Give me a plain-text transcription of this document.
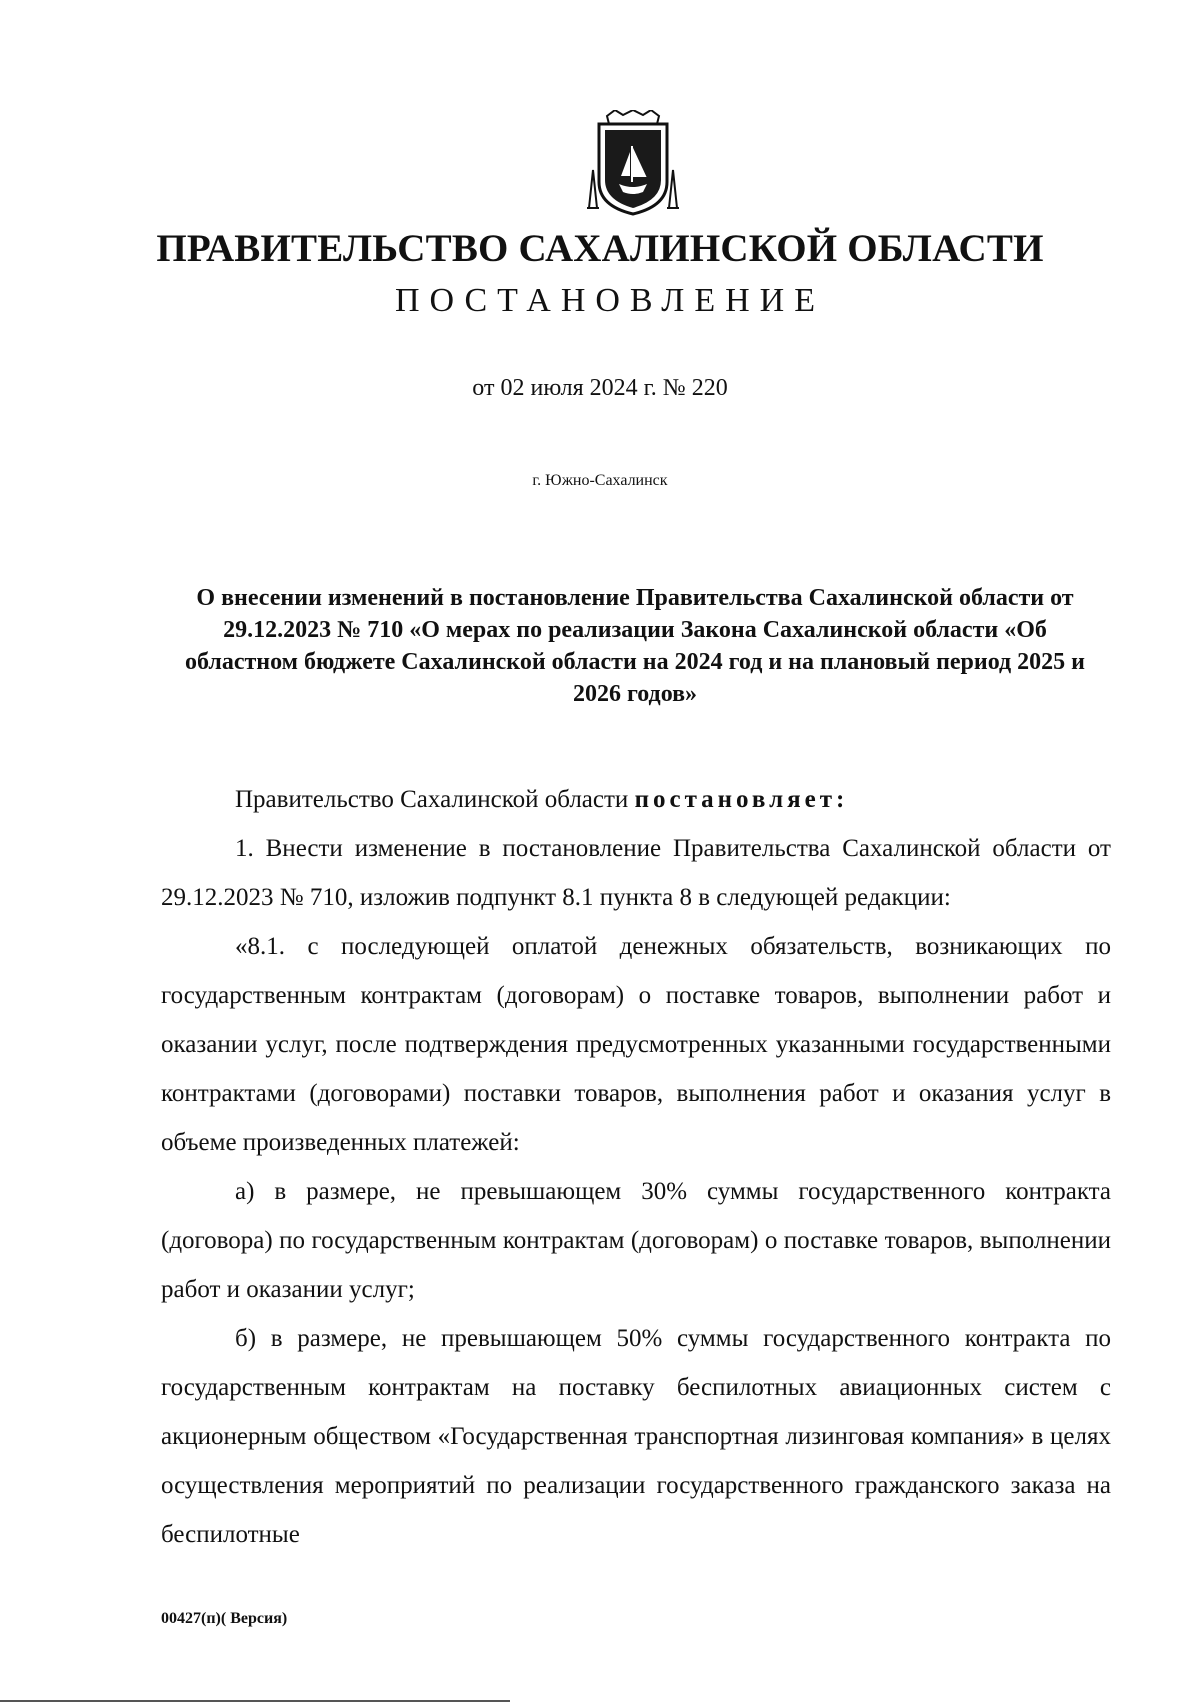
ПРАВИТЕЛЬСТВО САХАЛИНСКОЙ ОБЛАСТИ
ПОСТАНОВЛЕНИЕ
от 02 июля 2024 г. № 220
г. Южно-Сахалинск
О внесении изменений в постановление Правительства Сахалинской области от 29.12.2023 № 710 «О мерах по реализации Закона Сахалинской области «Об областном бюджете Сахалинской области на 2024 год и на плановый период 2025 и 2026 годов»

Правительство Сахалинской области постановляет:

1. Внести изменение в постановление Правительства Сахалинской области от 29.12.2023 № 710, изложив подпункт 8.1 пункта 8 в следующей редакции:

«8.1. с последующей оплатой денежных обязательств, возникающих по государственным контрактам (договорам) о поставке товаров, выполнении работ и оказании услуг, после подтверждения предусмотренных указанными государственными контрактами (договорами) поставки товаров, выполнения работ и оказания услуг в объеме произведенных платежей:

а) в размере, не превышающем 30% суммы государственного контракта (договора) по государственным контрактам (договорам) о поставке товаров, выполнении работ и оказании услуг;

б) в размере, не превышающем 50% суммы государственного контракта по государственным контрактам на поставку беспилотных авиационных систем с акционерным обществом «Государственная транспортная лизинговая компания» в целях осуществления мероприятий по реализации государственного гражданского заказа на беспилотные

00427(п)( Версия)
